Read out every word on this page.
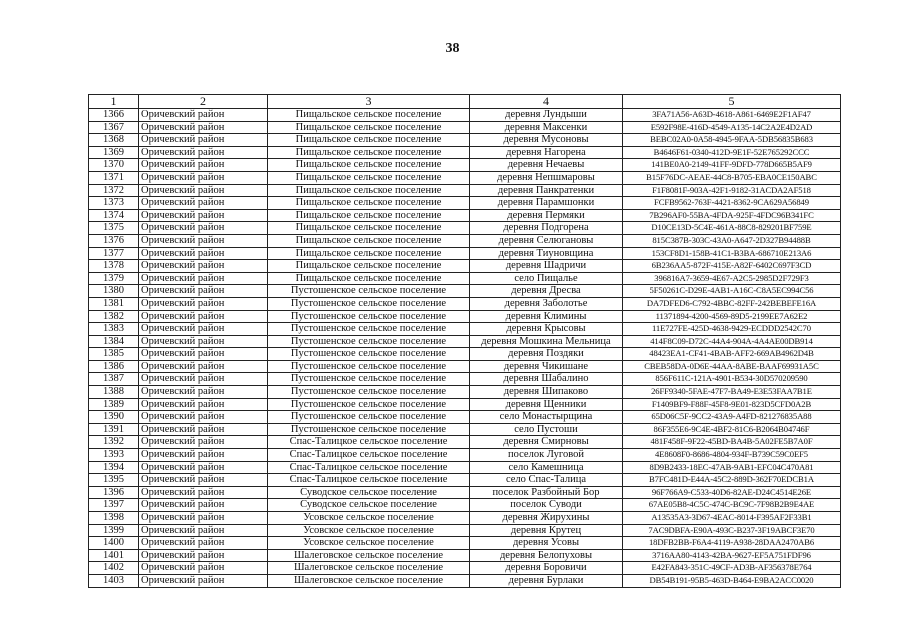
38
1	2	3	4	5
1366	Оричевский район	Пищальское сельское поселение	деревня Лундыши	3FA71A56-A63D-4618-A861-6469E2F1AF47
1367	Оричевский район	Пищальское сельское поселение	деревня Максенки	E592F98E-416D-4549-A135-14C2A2E4D2AD
1368	Оричевский район	Пищальское сельское поселение	деревня Мусоновы	BEBC02A0-0A58-4945-9FAA-5DB56835B683
1369	Оричевский район	Пищальское сельское поселение	деревня Нагорена	B4646F61-0340-412D-9E1F-52E765292CCC
1370	Оричевский район	Пищальское сельское поселение	деревня Нечаевы	141BE0A0-2149-41FF-9DFD-778D665B5AF9
1371	Оричевский район	Пищальское сельское поселение	деревня Непшмаровы	B15F76DC-AEAE-44C8-B705-EBA0CE150ABC
1372	Оричевский район	Пищальское сельское поселение	деревня Панкратенки	F1F8081F-903A-42F1-9182-31ACDA2AF518
1373	Оричевский район	Пищальское сельское поселение	деревня Парамшонки	FCFB9562-763F-4421-8362-9CA629A56849
1374	Оричевский район	Пищальское сельское поселение	деревня Пермяки	7B296AF0-55BA-4FDA-925F-4FDC96B341FC
1375	Оричевский район	Пищальское сельское поселение	деревня Подгорена	D10CE13D-5C4E-461A-88C8-829201BF759E
1376	Оричевский район	Пищальское сельское поселение	деревня Селюгановы	815C387B-303C-43A0-A647-2D327B94488B
1377	Оричевский район	Пищальское сельское поселение	деревня Тиуновщина	153CF8D1-158B-41C1-B3BA-686710E213A6
1378	Оричевский район	Пищальское сельское поселение	деревня Шадричи	6B236AA5-872F-415E-A82F-6402C697F3CD
1379	Оричевский район	Пищальское сельское поселение	село Пищалье	396816A7-3659-4E67-A2C5-2985D2F729F3
1380	Оричевский район	Пустошенское сельское поселение	деревня Дресва	5F50261C-D29E-4AB1-A16C-C8A5EC994C56
1381	Оричевский район	Пустошенское сельское поселение	деревня Заболотье	DA7DFED6-C792-4BBC-82FF-242BEBEFE16A
1382	Оричевский район	Пустошенское сельское поселение	деревня Климины	11371894-4200-4569-89D5-2199EE7A62E2
1383	Оричевский район	Пустошенское сельское поселение	деревня Крысовы	11E727FE-425D-4638-9429-ECDDD2542C70
1384	Оричевский район	Пустошенское сельское поселение	деревня Мошкина Мельница	414F8C09-D72C-44A4-904A-4A4AE00DB914
1385	Оричевский район	Пустошенское сельское поселение	деревня Поздяки	48423EA1-CF41-4BAB-AFF2-669AB4962D4B
1386	Оричевский район	Пустошенское сельское поселение	деревня Чикишане	CBEB58DA-0D6E-44AA-8ABE-BAAF69931A5C
1387	Оричевский район	Пустошенское сельское поселение	деревня Шабалино	856F611C-121A-4901-B534-30D570209590
1388	Оричевский район	Пустошенское сельское поселение	деревня Шипаково	26FF9340-5FAE-47F7-BA49-E3E53FAA7B1E
1389	Оричевский район	Пустошенское сельское поселение	деревня Щенники	F1409BF9-F88F-45F8-9E01-823D5CFD0A2B
1390	Оричевский район	Пустошенское сельское поселение	село Монастырщина	65D06C5F-9CC2-43A9-A4FD-821276835A88
1391	Оричевский район	Пустошенское сельское поселение	село Пустоши	86F355E6-9C4E-4BF2-81C6-B2064B04746F
1392	Оричевский район	Спас-Талицкое сельское поселение	деревня Смирновы	481F458F-9F22-45BD-BA4B-5A02FE5B7A0F
1393	Оричевский район	Спас-Талицкое сельское поселение	поселок Луговой	4E8608F0-8686-4804-934F-B739C59C0EF5
1394	Оричевский район	Спас-Талицкое сельское поселение	село Камешница	8D9B2433-18EC-47AB-9AB1-EFC04C470A81
1395	Оричевский район	Спас-Талицкое сельское поселение	село Спас-Талица	B7FC481D-E44A-45C2-889D-362F70EDCB1A
1396	Оричевский район	Суводское сельское поселение	поселок Разбойный Бор	96F766A9-C533-40D6-82AE-D24C4514E26E
1397	Оричевский район	Суводское сельское поселение	поселок Суводи	67AE05B8-4C5C-474C-BC9C-7F98B2B9E4AE
1398	Оричевский район	Усовское сельское поселение	деревня Жирухины	A13535A3-3D67-4EAC-8014-F395AF2F33B1
1399	Оричевский район	Усовское сельское поселение	деревня Крутец	7AC9DBFA-E90A-493C-B237-3F19ABCF3E70
1400	Оричевский район	Усовское сельское поселение	деревня Усовы	18DFB2BB-F6A4-4119-A938-28DAA2470AB6
1401	Оричевский район	Шалеговское сельское поселение	деревня Белопуховы	3716AA80-4143-42BA-9627-EF5A751FDF96
1402	Оричевский район	Шалеговское сельское поселение	деревня Боровичи	E42FA843-351C-49CF-AD3B-AF356378E764
1403	Оричевский район	Шалеговское сельское поселение	деревня Бурлаки	DB54B191-95B5-463D-B464-E9BA2ACC0020
